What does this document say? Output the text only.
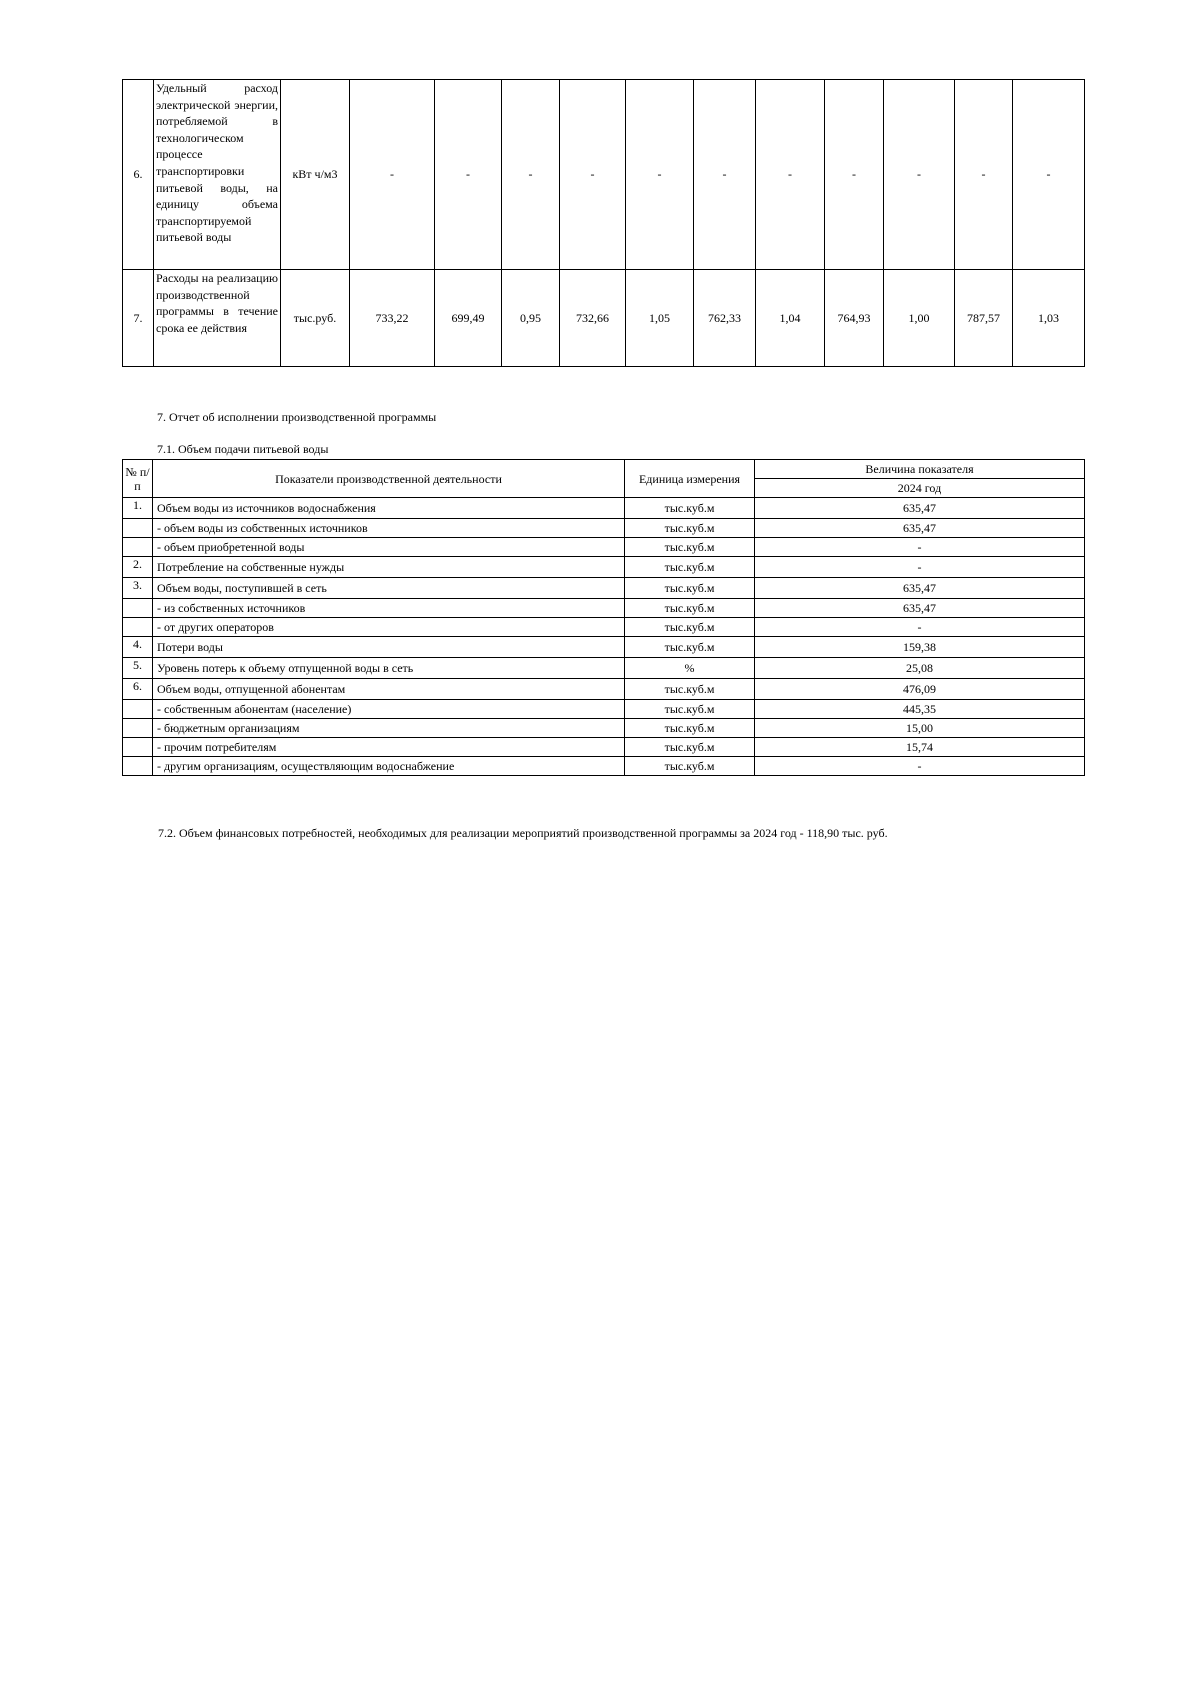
6.	Удельный расход электрической энергии, потребляемой в технологическом процессе транспортировки питьевой воды, на единицу объема транспортируемой питьевой воды	кВт ч/м3	-	-	-	-	-	-	-	-	-	-	-
7.	Расходы на реализацию производственной программы в течение срока ее действия	тыс.руб.	733,22	699,49	0,95	732,66	1,05	762,33	1,04	764,93	1,00	787,57	1,03
7. Отчет об исполнении производственной программы
7.1. Объем подачи питьевой воды
№ п/п	Показатели производственной деятельности	Единица измерения	Величина показателя
			2024 год
1.	Объем воды из источников водоснабжения	тыс.куб.м	635,47
	- объем воды из собственных источников	тыс.куб.м	635,47
	- объем приобретенной воды	тыс.куб.м	-
2.	Потребление на собственные нужды	тыс.куб.м	-
3.	Объем воды, поступившей в сеть	тыс.куб.м	635,47
	- из собственных источников	тыс.куб.м	635,47
	- от других операторов	тыс.куб.м	-
4.	Потери воды	тыс.куб.м	159,38
5.	Уровень потерь к объему отпущенной воды в сеть	%	25,08
6.	Объем воды, отпущенной абонентам	тыс.куб.м	476,09
	- собственным абонентам (население)	тыс.куб.м	445,35
	- бюджетным организациям	тыс.куб.м	15,00
	- прочим потребителям	тыс.куб.м	15,74
	- другим организациям, осуществляющим водоснабжение	тыс.куб.м	-
7.2. Объем финансовых потребностей, необходимых для реализации мероприятий производственной программы за 2024 год - 118,90 тыс. руб.
